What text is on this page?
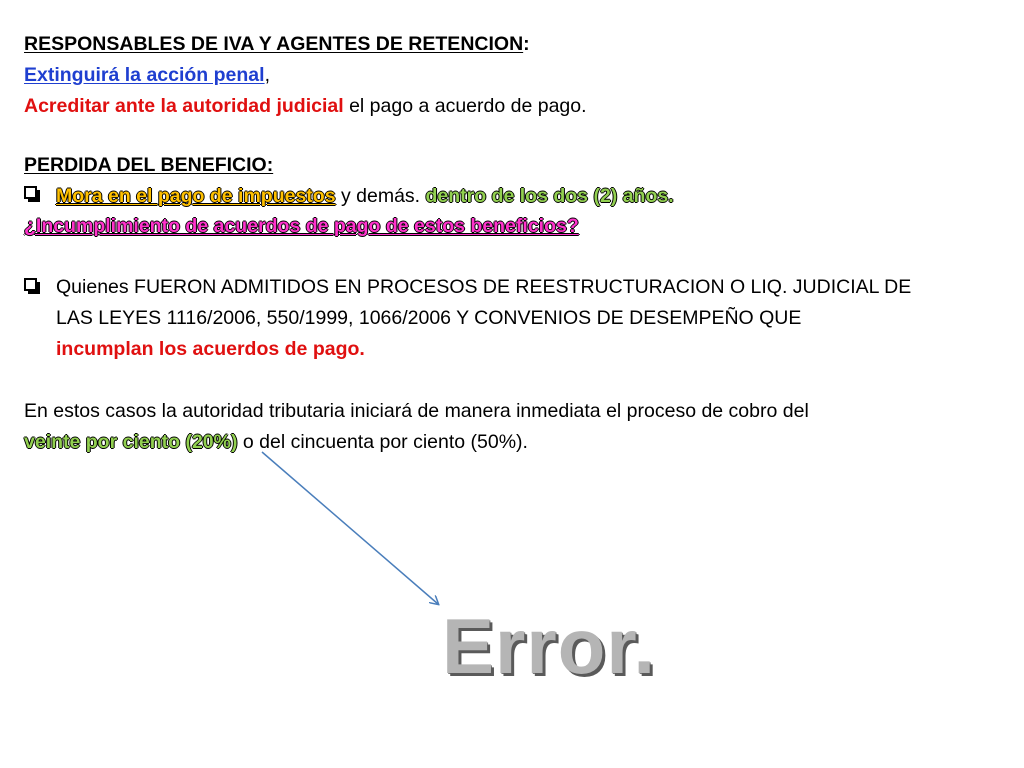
RESPONSABLES DE IVA Y AGENTES DE RETENCION:
Extinguirá la acción penal,
Acreditar ante la autoridad judicial el pago a acuerdo de pago.
PERDIDA DEL BENEFICIO:
Mora en el pago de impuestos y demás. dentro de los dos (2) años.
¿Incumplimiento de acuerdos de pago de estos beneficios?
Quienes FUERON ADMITIDOS EN PROCESOS DE REESTRUCTURACION O LIQ. JUDICIAL DE
LAS LEYES 1116/2006, 550/1999, 1066/2006 Y CONVENIOS DE DESEMPEÑO QUE
incumplan los acuerdos de pago.
En estos casos la autoridad tributaria iniciará de manera inmediata el proceso de cobro del
veinte por ciento (20%) o del cincuenta por ciento (50%).
Error.
